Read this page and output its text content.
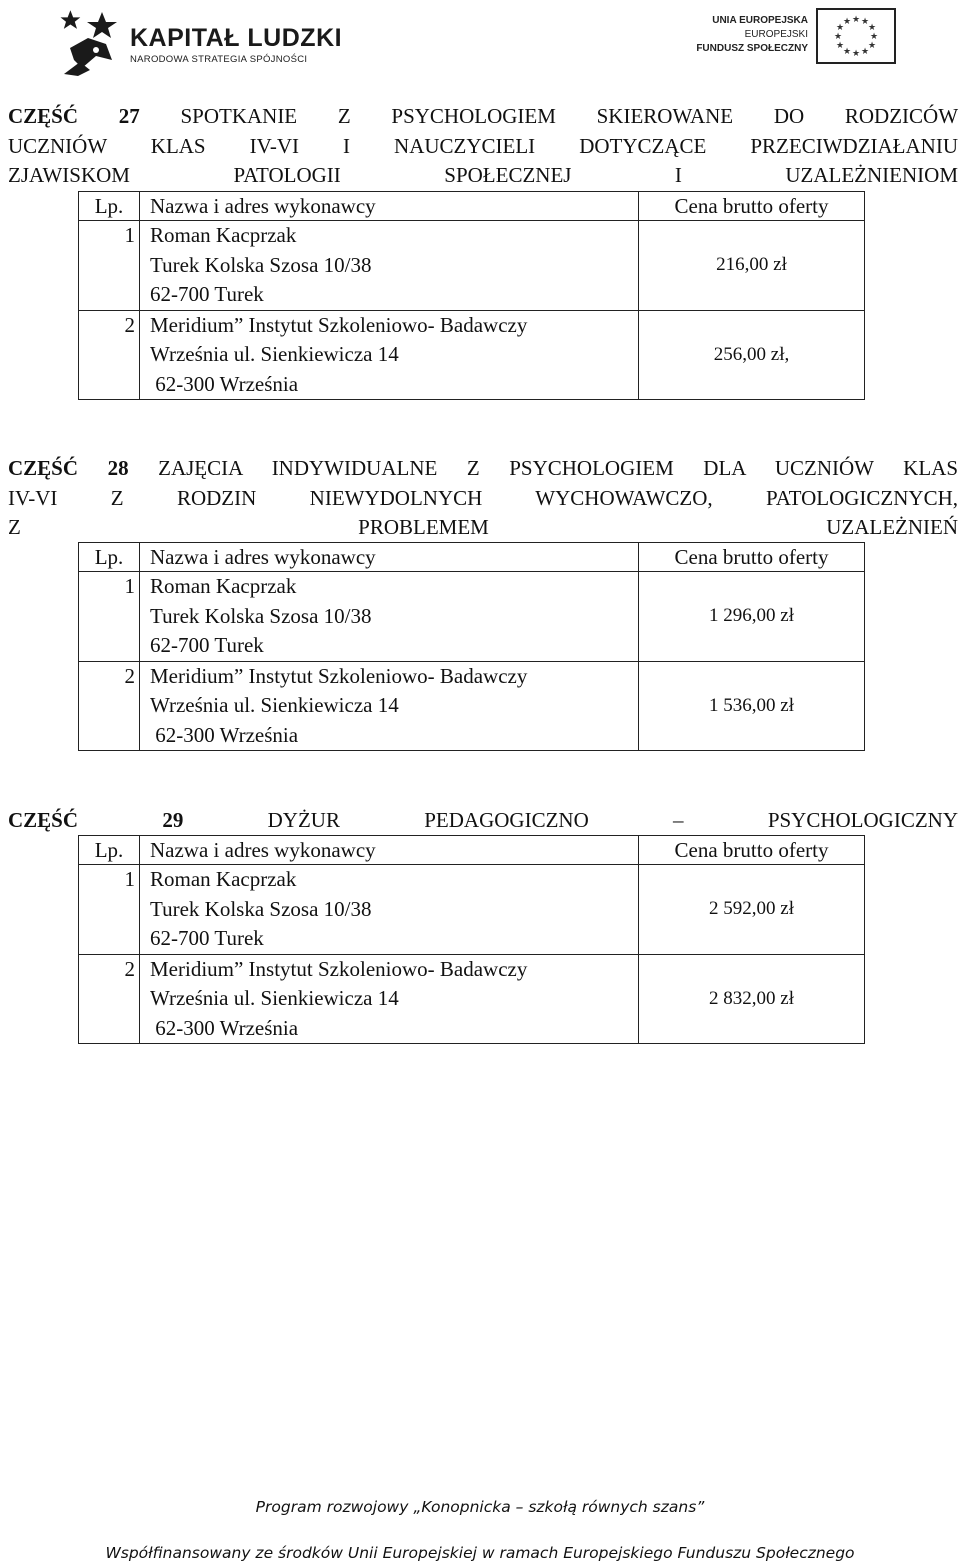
KAPITAŁ LUDZKI
NARODOWA STRATEGIA SPÓJNOŚCI
UNIA EUROPEJSKA
EUROPEJSKI
FUNDUSZ SPOŁECZNY
★ ★
★
★
★
★
★
★
★
★
★
★
CZĘŚĆ 27 SPOTKANIE Z PSYCHOLOGIEM SKIEROWANE DO RODZICÓW
UCZNIÓW KLAS IV-VI I NAUCZYCIELI DOTYCZĄCE PRZECIWDZIAŁANIU
ZJAWISKOM PATOLOGII SPOŁECZNEJ I UZALEŻNIENIOM
Lp.	Nazwa i adres wykonawcy	Cena brutto oferty
1	Roman Kacprzak
Turek Kolska Szosa 10/38
62-700 Turek	216,00 zł
2	Meridium” Instytut Szkoleniowo- Badawczy
Września ul. Sienkiewicza 14
62-300 Września	256,00 zł,
CZĘŚĆ 28 ZAJĘCIA INDYWIDUALNE Z PSYCHOLOGIEM DLA UCZNIÓW KLAS
IV-VI Z RODZIN NIEWYDOLNYCH WYCHOWAWCZO, PATOLOGICZNYCH,
Z PROBLEMEM UZALEŻNIEŃ
Lp.	Nazwa i adres wykonawcy	Cena brutto oferty
1	Roman Kacprzak
Turek Kolska Szosa 10/38
62-700 Turek	1 296,00 zł
2	Meridium” Instytut Szkoleniowo- Badawczy
Września ul. Sienkiewicza 14
62-300 Września	1 536,00 zł
CZĘŚĆ 29	DYŻUR PEDAGOGICZNO – PSYCHOLOGICZNY
Lp.	Nazwa i adres wykonawcy	Cena brutto oferty
1	Roman Kacprzak
Turek Kolska Szosa 10/38
62-700 Turek	2 592,00 zł
2	Meridium” Instytut Szkoleniowo- Badawczy
Września ul. Sienkiewicza 14
62-300 Września	2 832,00 zł
Program rozwojowy „Konopnicka – szkołą równych szans”
Współfinansowany ze środków Unii Europejskiej w ramach Europejskiego Funduszu Społecznego
